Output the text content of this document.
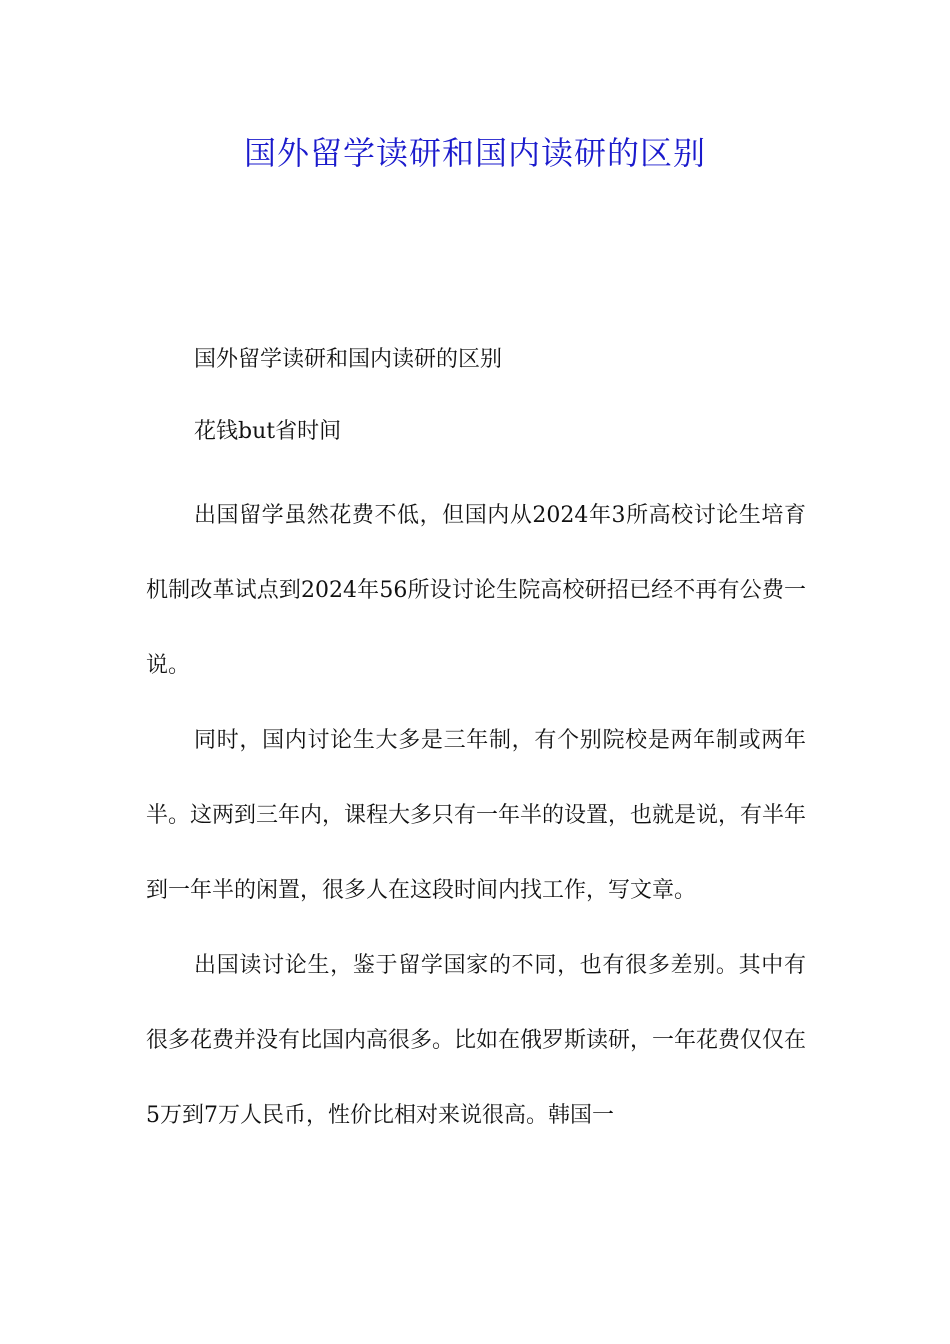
国外留学读研和国内读研的区别

国外留学读研和国内读研的区别

花钱but省时间

出国留学虽然花费不低，但国内从2024年3所高校讨论生培育机制改革试点到2024年56所设讨论生院高校研招已经不再有公费一说。

同时，国内讨论生大多是三年制，有个别院校是两年制或两年半。这两到三年内，课程大多只有一年半的设置，也就是说，有半年到一年半的闲置，很多人在这段时间内找工作，写文章。

出国读讨论生，鉴于留学国家的不同，也有很多差别。其中有很多花费并没有比国内高很多。比如在俄罗斯读研，一年花费仅仅在5万到7万人民币，性价比相对来说很高。韩国一
